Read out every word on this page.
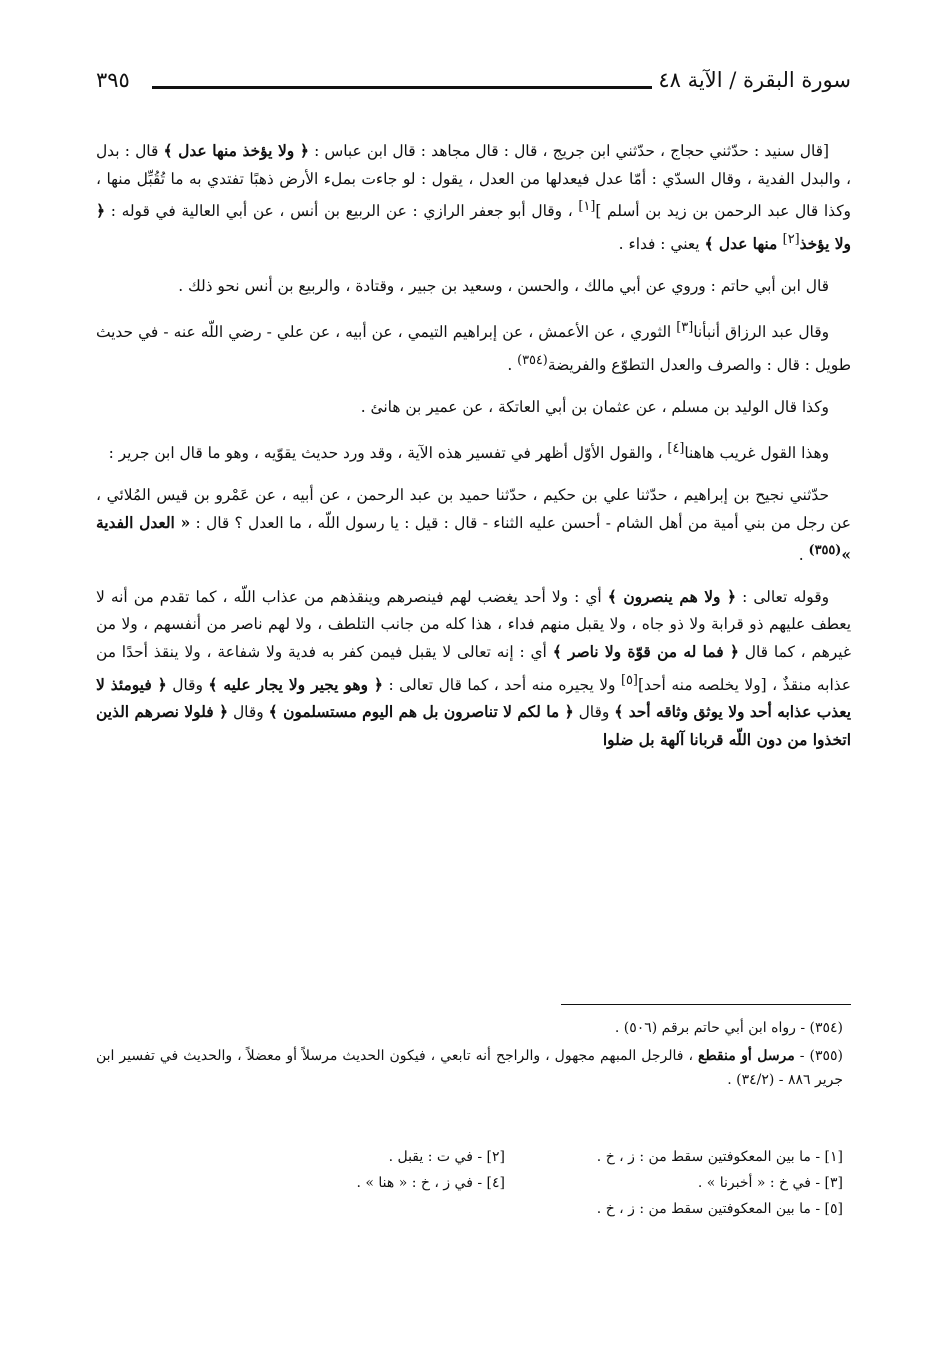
سورة البقرة / الآية ٤٨
٣٩٥

[قال سنيد : حدّثني حجاج ، حدّثني ابن جريج ، قال : قال مجاهد : قال ابن عباس : ﴿ ولا يؤخذ منها عدل ﴾ قال : بدل ، والبدل الفدية ، وقال السدّي : أمّا عدل فيعدلها من العدل ، يقول : لو جاءت بملء الأرض ذهبًا تفتدي به ما تُقُبِّل منها ، وكذا قال عبد الرحمن بن زيد بن أسلم ][١] ، وقال أبو جعفر الرازي : عن الربيع بن أنس ، عن أبي العالية في قوله : ﴿ ولا يؤخذ[٢] منها عدل ﴾ يعني : فداء .

قال ابن أبي حاتم : وروي عن أبي مالك ، والحسن ، وسعيد بن جبير ، وقتادة ، والربيع بن أنس نحو ذلك .

وقال عبد الرزاق أنبأنا[٣] الثوري ، عن الأعمش ، عن إبراهيم التيمي ، عن أبيه ، عن علي - رضي اللّه عنه - في حديث طويل : قال : والصرف والعدل التطوّع والفريضة$^{(٣٥٤)}$ .

وكذا قال الوليد بن مسلم ، عن عثمان بن أبي العاتكة ، عن عمير بن هانئ .

وهذا القول غريب هاهنا[٤] ، والقول الأوّل أظهر في تفسير هذه الآية ، وقد ورد حديث يقوّيه ، وهو ما قال ابن جرير :

حدّثني نجيح بن إبراهيم ، حدّثنا علي بن حكيم ، حدّثنا حميد بن عبد الرحمن ، عن أبيه ، عن عَمْرو بن قيس المُلائي ، عن رجل من بني أمية من أهل الشام - أحسن عليه الثناء - قال : قيل : يا رسول اللّه ، ما العدل ؟ قال : « العدل الفدية »$^{(٣٥٥)}$ .

وقوله تعالى : ﴿ ولا هم ينصرون ﴾ أي : ولا أحد يغضب لهم فينصرهم وينقذهم من عذاب اللّه ، كما تقدم من أنه لا يعطف عليهم ذو قرابة ولا ذو جاه ، ولا يقبل منهم فداء ، هذا كله من جانب التلطف ، ولا لهم ناصر من أنفسهم ، ولا من غيرهم ، كما قال ﴿ فما له من قوّة ولا ناصر ﴾ أي : إنه تعالى لا يقبل فيمن كفر به فدية ولا شفاعة ، ولا ينقذ أحدًا من عذابه منقذٌ ، [ولا يخلصه منه أحد][٥] ولا يجيره منه أحد ، كما قال تعالى : ﴿ وهو يجير ولا يجار عليه ﴾ وقال ﴿ فيومئذ لا يعذب عذابه أحد ولا يوثق وثاقه أحد ﴾ وقال ﴿ ما لكم لا تناصرون بل هم اليوم مستسلمون ﴾ وقال ﴿ فلولا نصرهم الذين اتخذوا من دون اللّه قربانا آلهة بل ضلوا

(٣٥٤) - رواه ابن أبي حاتم برقم (٥٠٦) .

(٣٥٥) - مرسل أو منقطع ، فالرجل المبهم مجهول ، والراجح أنه تابعي ، فيكون الحديث مرسلاً أو معضلاً ، والحديث في تفسير ابن جرير ٨٨٦ - (٣٤/٢) .

[١] - ما بين المعكوفتين سقط من : ز ، خ .
[٢] - في ت : يقبل .
[٣] - في خ : « أخبرنا » .
[٤] - في ز ، خ : « هنا » .
[٥] - ما بين المعكوفتين سقط من : ز ، خ .
